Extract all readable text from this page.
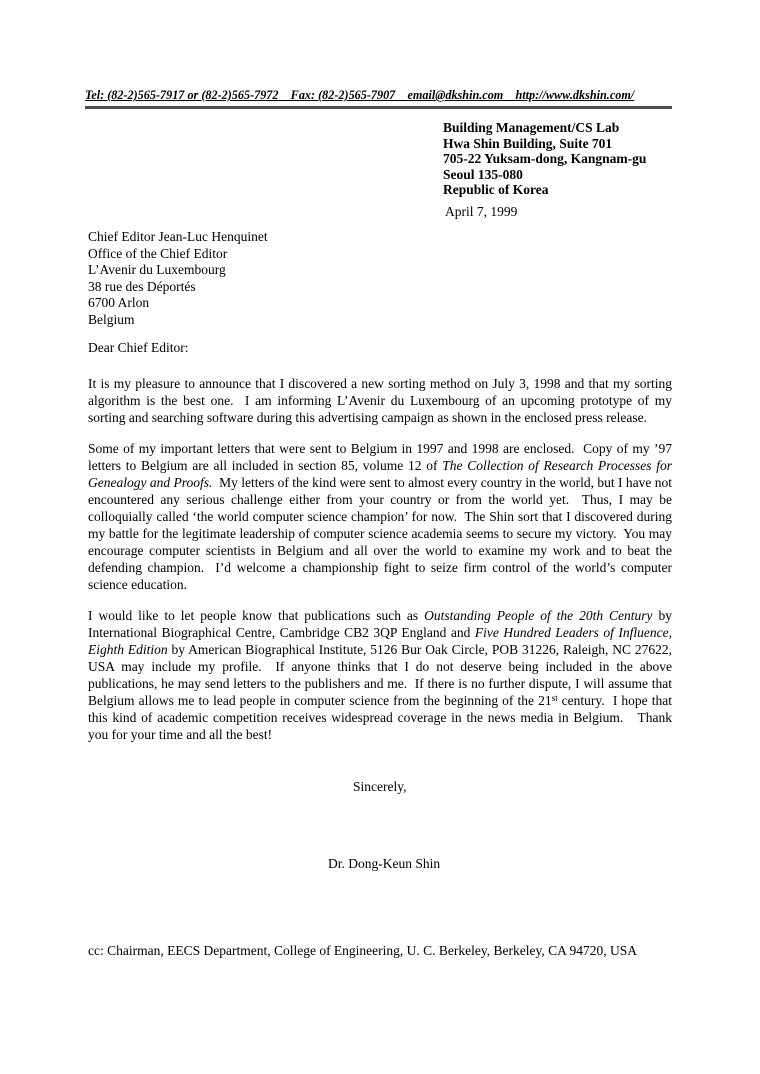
Tel: (82-2)565-7917 or (82-2)565-7972    Fax: (82-2)565-7907    email@dkshin.com    http://www.dkshin.com/
Building Management/CS Lab
Hwa Shin Building, Suite 701
705-22 Yuksam-dong, Kangnam-gu
Seoul 135-080
Republic of Korea
April 7, 1999
Chief Editor Jean-Luc Henquinet
Office of the Chief Editor
L’Avenir du Luxembourg
38 rue des Déportés
6700 Arlon
Belgium
Dear Chief Editor:

It is my pleasure to announce that I discovered a new sorting method on July 3, 1998 and that my sorting algorithm is the best one.  I am informing L’Avenir du Luxembourg of an upcoming prototype of my sorting and searching software during this advertising campaign as shown in the enclosed press release.

Some of my important letters that were sent to Belgium in 1997 and 1998 are enclosed.  Copy of my ’97 letters to Belgium are all included in section 85, volume 12 of The Collection of Research Processes for Genealogy and Proofs.  My letters of the kind were sent to almost every country in the world, but I have not encountered any serious challenge either from your country or from the world yet.  Thus, I may be colloquially called ‘the world computer science champion’ for now.  The Shin sort that I discovered during my battle for the legitimate leadership of computer science academia seems to secure my victory.  You may encourage computer scientists in Belgium and all over the world to examine my work and to beat the defending champion.  I’d welcome a championship fight to seize firm control of the world’s computer science education.

I would like to let people know that publications such as Outstanding People of the 20th Century by International Biographical Centre, Cambridge CB2 3QP England and Five Hundred Leaders of Influence, Eighth Edition by American Biographical Institute, 5126 Bur Oak Circle, POB 31226, Raleigh, NC 27622, USA may include my profile.  If anyone thinks that I do not deserve being included in the above publications, he may send letters to the publishers and me.  If there is no further dispute, I will assume that Belgium allows me to lead people in computer science from the beginning of the 21st century.  I hope that this kind of academic competition receives widespread coverage in the news media in Belgium.   Thank you for your time and all the best!

Sincerely,
Dr. Dong-Keun Shin
cc: Chairman, EECS Department, College of Engineering, U. C. Berkeley, Berkeley, CA 94720, USA
